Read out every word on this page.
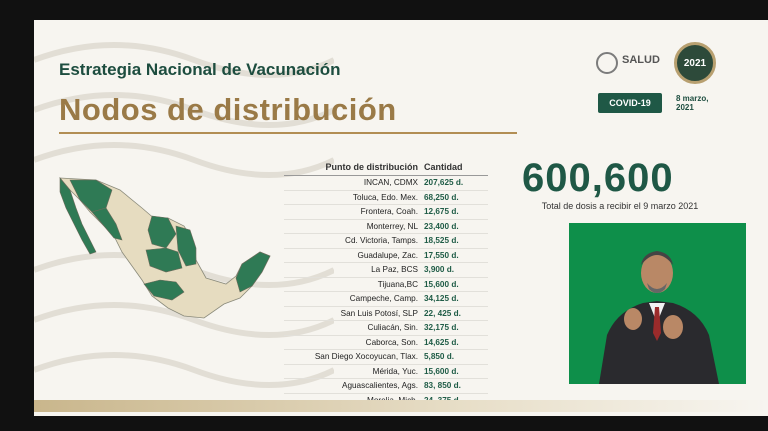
Estrategia Nacional de Vacunación
Nodos de distribución
SALUD
2021
COVID-19	8 marzo, 2021
Punto de distribución Cantidad
INCAN, CDMX 207,625 d.
Toluca, Edo. Mex. 68,250 d.
Frontera, Coah. 12,675 d.
Monterrey, NL 23,400 d.
Cd. Victoria, Tamps. 18,525 d.
Guadalupe, Zac. 17,550 d.
La Paz, BCS 3,900 d.
Tijuana,BC 15,600 d.
Campeche, Camp. 34,125 d.
San Luis Potosí, SLP 22, 425 d.
Culiacán, Sin. 32,175 d.
Caborca, Son. 14,625 d.
San Diego Xocoyucan, Tlax. 5,850 d.
Mérida, Yuc. 15,600 d.
Aguascalientes, Ags. 83, 850 d.
600,600
Total de dosis a recibir el 9 marzo 2021
